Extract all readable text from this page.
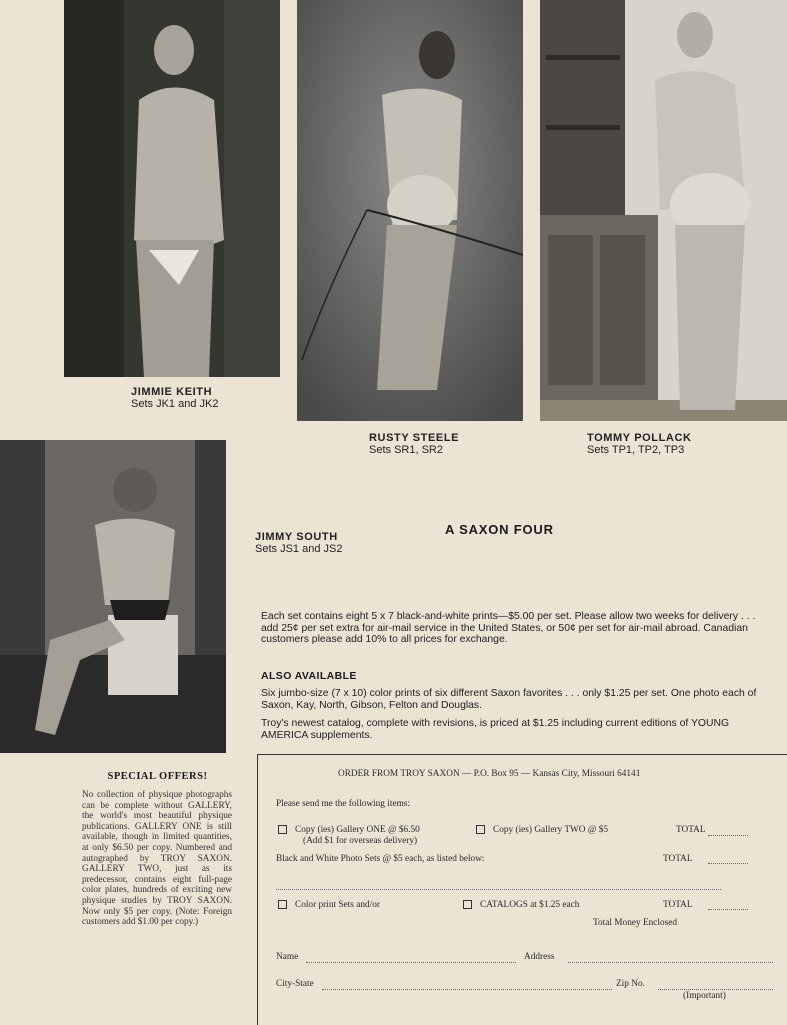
JIMMIE KEITH
Sets JK1 and JK2
RUSTY STEELE
Sets SR1, SR2
TOMMY POLLACK
Sets TP1, TP2, TP3
JIMMY SOUTH
Sets JS1 and JS2
A SAXON FOUR
Each set contains eight 5 x 7 black-and-white prints—$5.00 per set. Please allow two weeks for delivery . . . add 25¢ per set extra for air-mail service in the United States, or 50¢ per set for air-mail abroad. Canadian customers please add 10% to all prices for exchange.
ALSO AVAILABLE
Six jumbo-size (7 x 10) color prints of six different Saxon favorites . . . only $1.25 per set. One photo each of Saxon, Kay, North, Gibson, Felton and Douglas.
Troy's newest catalog, complete with revisions, is priced at $1.25 including current editions of YOUNG AMERICA supplements.
SPECIAL OFFERS!
No collection of physique photographs can be complete without GALLERY, the world's most beautiful physique publications. GALLERY ONE is still available, though in limited quantities, at only $6.50 per copy. Numbered and autographed by TROY SAXON. GALLERY TWO, just as its predecessor, contains eight full-page color plates, hundreds of exciting new physique studies by TROY SAXON. Now only $5 per copy. (Note: Foreign customers add $1.00 per copy.)
ORDER FROM TROY SAXON — P.O. Box 95 — Kansas City, Missouri 64141
Please send me the following items:
Copy (ies) Gallery ONE @ $6.50
(Add $1 for overseas delivery)
Copy (ies) Gallery TWO @ $5	TOTAL
Black and White Photo Sets @ $5 each, as listed below:	TOTAL
Color print Sets and/or	CATALOGS at $1.25 each	TOTAL
Total Money Enclosed
Name	Address
City-State	Zip No.
(Important)
